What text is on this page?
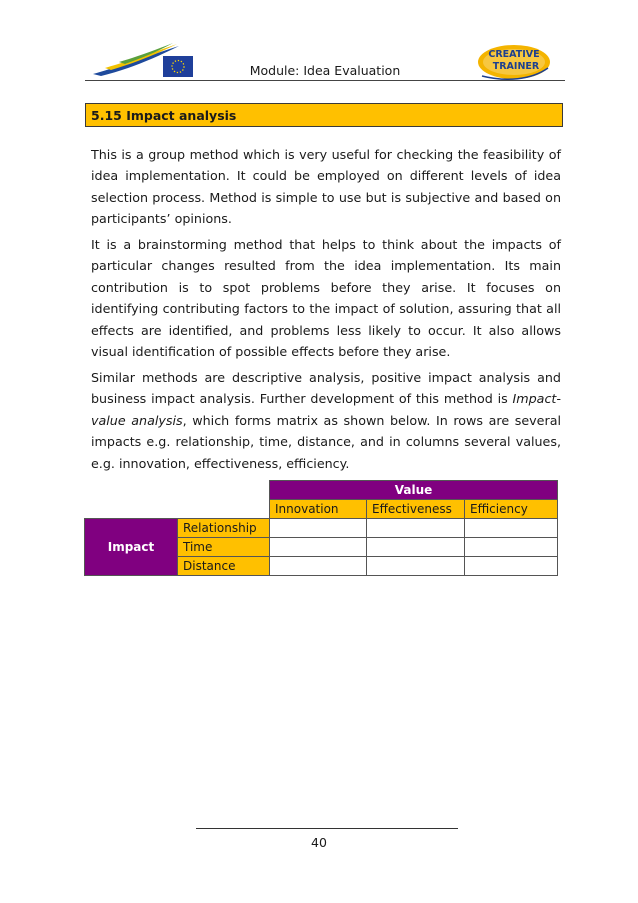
Module: Idea Evaluation
CREATIVE
TRAINER
5.15 Impact analysis

This is a group method which is very useful for checking the feasibility of idea implementation. It could be employed on different levels of idea selection process. Method is simple to use but is subjective and based on participants’ opinions.

It is a brainstorming method that helps to think about the impacts of particular changes resulted from the idea implementation. Its main contribution is to spot problems before they arise. It focuses on identifying contributing factors to the impact of solution, assuring that all effects are identified, and problems less likely to occur. It also allows visual identification of possible effects before they arise.

Similar methods are descriptive analysis, positive impact analysis and business impact analysis. Further development of this method is Impact-value analysis, which forms matrix as shown below. In rows are several impacts e.g. relationship, time, distance, and in columns several values, e.g. innovation, effectiveness, efficiency.

		Value		
		Innovation	Effectiveness	Efficiency
Impact	Relationship			
	Time			
	Distance			
40
